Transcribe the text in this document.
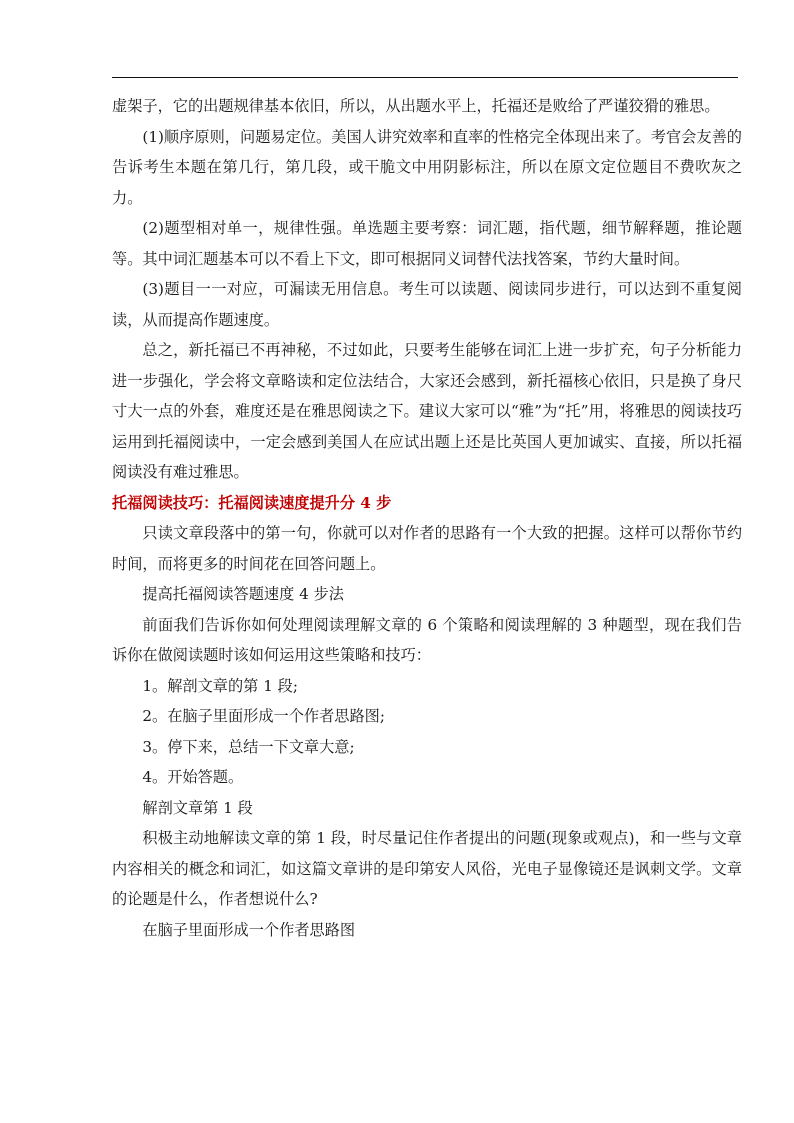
虚架子，它的出题规律基本依旧，所以，从出题水平上，托福还是败给了严谨狡猾的雅思。

(1)顺序原则，问题易定位。美国人讲究效率和直率的性格完全体现出来了。考官会友善的告诉考生本题在第几行，第几段，或干脆文中用阴影标注，所以在原文定位题目不费吹灰之力。

(2)题型相对单一，规律性强。单选题主要考察：词汇题，指代题，细节解释题，推论题等。其中词汇题基本可以不看上下文，即可根据同义词替代法找答案，节约大量时间。

(3)题目一一对应，可漏读无用信息。考生可以读题、阅读同步进行，可以达到不重复阅读，从而提高作题速度。

总之，新托福已不再神秘，不过如此，只要考生能够在词汇上进一步扩充，句子分析能力进一步强化，学会将文章略读和定位法结合，大家还会感到，新托福核心依旧，只是换了身尺寸大一点的外套，难度还是在雅思阅读之下。建议大家可以“雅”为“托”用，将雅思的阅读技巧运用到托福阅读中，一定会感到美国人在应试出题上还是比英国人更加诚实、直接，所以托福阅读没有难过雅思。

托福阅读技巧：托福阅读速度提升分 4 步

只读文章段落中的第一句，你就可以对作者的思路有一个大致的把握。这样可以帮你节约时间，而将更多的时间花在回答问题上。

提高托福阅读答题速度 4 步法

前面我们告诉你如何处理阅读理解文章的 6 个策略和阅读理解的 3 种题型，现在我们告诉你在做阅读题时该如何运用这些策略和技巧：

1。解剖文章的第 1 段;

2。在脑子里面形成一个作者思路图;

3。停下来，总结一下文章大意;

4。开始答题。

解剖文章第 1 段

积极主动地解读文章的第 1 段，时尽量记住作者提出的问题(现象或观点)，和一些与文章内容相关的概念和词汇，如这篇文章讲的是印第安人风俗，光电子显像镜还是讽刺文学。文章的论题是什么，作者想说什么?

在脑子里面形成一个作者思路图
